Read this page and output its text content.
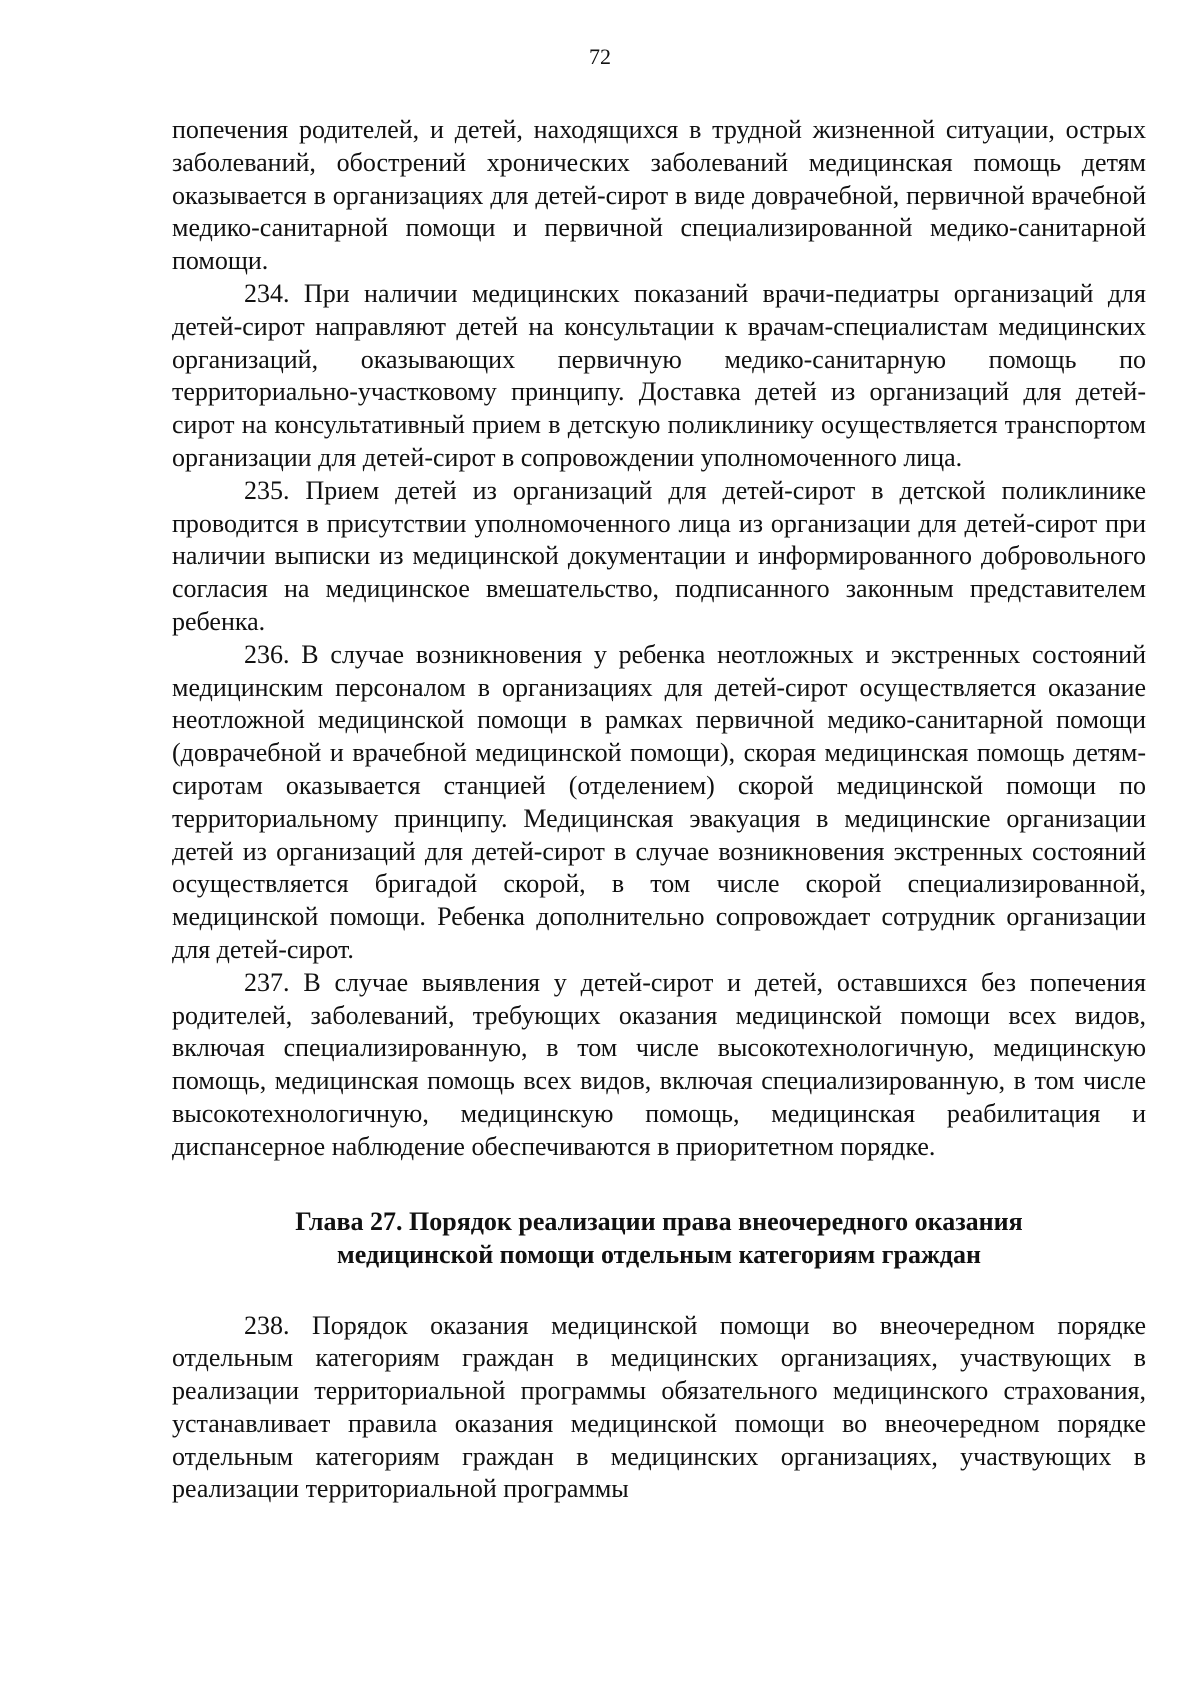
72

попечения родителей, и детей, находящихся в трудной жизненной ситуации, острых заболеваний, обострений хронических заболеваний медицинская помощь детям оказывается в организациях для детей-сирот в виде доврачебной, первичной врачебной медико-санитарной помощи и первичной специализированной медико-санитарной помощи.

234. При наличии медицинских показаний врачи-педиатры организаций для детей-сирот направляют детей на консультации к врачам-специалистам медицинских организаций, оказывающих первичную медико-санитарную помощь по территориально-участковому принципу. Доставка детей из организаций для детей-сирот на консультативный прием в детскую поликлинику осуществляется транспортом организации для детей-сирот в сопровождении уполномоченного лица.

235. Прием детей из организаций для детей-сирот в детской поликлинике проводится в присутствии уполномоченного лица из организации для детей-сирот при наличии выписки из медицинской документации и информированного добровольного согласия на медицинское вмешательство, подписанного законным представителем ребенка.

236. В случае возникновения у ребенка неотложных и экстренных состояний медицинским персоналом в организациях для детей-сирот осуществляется оказание неотложной медицинской помощи в рамках первичной медико-санитарной помощи (доврачебной и врачебной медицинской помощи), скорая медицинская помощь детям-сиротам оказывается станцией (отделением) скорой медицинской помощи по территориальному принципу. Медицинская эвакуация в медицинские организации детей из организаций для детей-сирот в случае возникновения экстренных состояний осуществляется бригадой скорой, в том числе скорой специализированной, медицинской помощи. Ребенка дополнительно сопровождает сотрудник организации для детей-сирот.

237. В случае выявления у детей-сирот и детей, оставшихся без попечения родителей, заболеваний, требующих оказания медицинской помощи всех видов, включая специализированную, в том числе высокотехнологичную, медицинскую помощь, медицинская помощь всех видов, включая специализированную, в том числе высокотехнологичную, медицинскую помощь, медицинская реабилитация и диспансерное наблюдение обеспечиваются в приоритетном порядке.

Глава 27. Порядок реализации права внеочередного оказания
медицинской помощи отдельным категориям граждан

238. Порядок оказания медицинской помощи во внеочередном порядке отдельным категориям граждан в медицинских организациях, участвующих в реализации территориальной программы обязательного медицинского страхования, устанавливает правила оказания медицинской помощи во внеочередном порядке отдельным категориям граждан в медицинских организациях, участвующих в реализации территориальной программы
